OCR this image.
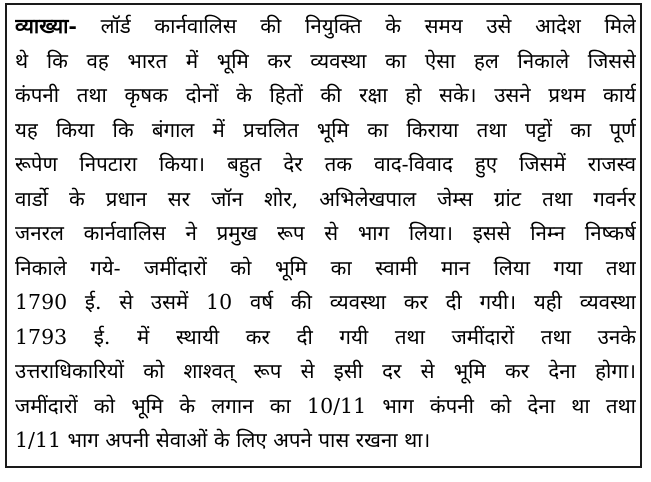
व्याख्या- लॉर्ड कार्नवालिस की नियुक्ति के समय उसे आदेश मिले
थे कि वह भारत में भूमि कर व्यवस्था का ऐसा हल निकाले जिससे
कंपनी तथा कृषक दोनों के हितों की रक्षा हो सके। उसने प्रथम कार्य
यह किया कि बंगाल में प्रचलित भूमि का किराया तथा पट्टों का पूर्ण
रूपेण निपटारा किया। बहुत देर तक वाद-विवाद हुए जिसमें राजस्व
वार्डो के प्रधान सर जॉन शोर, अभिलेखपाल जेम्स ग्रांट तथा गवर्नर
जनरल कार्नवालिस ने प्रमुख रूप से भाग लिया। इससे निम्न निष्कर्ष
निकाले गये- जमींदारों को भूमि का स्वामी मान लिया गया तथा
1790 ई. से उसमें 10 वर्ष की व्यवस्था कर दी गयी। यही व्यवस्था
1793 ई. में स्थायी कर दी गयी तथा जमींदारों तथा उनके
उत्तराधिकारियों को शाश्वत् रूप से इसी दर से भूमि कर देना होगा।
जमींदारों को भूमि के लगान का 10/11 भाग कंपनी को देना था तथा
1/11 भाग अपनी सेवाओं के लिए अपने पास रखना था।
